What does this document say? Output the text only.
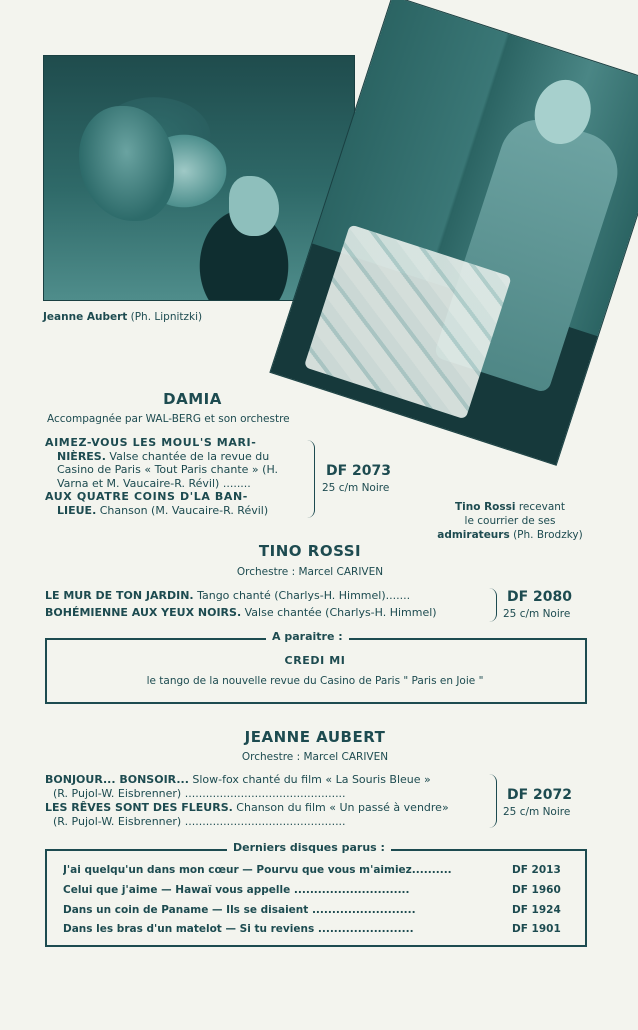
Jeanne Aubert (Ph. Lipnitzki)
Tino Rossi recevant
le courrier de ses
admirateurs (Ph. Brodzky)
DAMIA
Accompagnée par WAL-BERG et son orchestre
AIMEZ-VOUS LES MOUL'S MARI-
NIÈRES. Valse chantée de la revue du
Casino de Paris « Tout Paris chante » (H.
Varna et M. Vaucaire-R. Révil) ........
AUX QUATRE COINS D'LA BAN-
LIEUE. Chanson (M. Vaucaire-R. Révil)
DF 2073
25 c/m Noire
TINO ROSSI
Orchestre : Marcel CARIVEN
LE MUR DE TON JARDIN. Tango chanté (Charlys-H. Himmel).......
BOHÉMIENNE AUX YEUX NOIRS. Valse chantée (Charlys-H. Himmel)
DF 2080
25 c/m Noire
A paraitre :
CREDI MI
le tango de la nouvelle revue du Casino de Paris " Paris en Joie "
JEANNE AUBERT
Orchestre : Marcel CARIVEN
BONJOUR... BONSOIR... Slow-fox chanté du film « La Souris Bleue »
(R. Pujol-W. Eisbrenner) ..............................................
LES RÊVES SONT DES FLEURS. Chanson du film « Un passé à vendre»
(R. Pujol-W. Eisbrenner) ..............................................
DF 2072
25 c/m Noire
Derniers disques parus :
J'ai quelqu'un dans mon cœur — Pourvu que vous m'aimiez..........	DF 2013
Celui que j'aime — Hawaï vous appelle .............................	DF 1960
Dans un coin de Paname — Ils se disaient ..........................	DF 1924
Dans les bras d'un matelot — Si tu reviens ........................	DF 1901
